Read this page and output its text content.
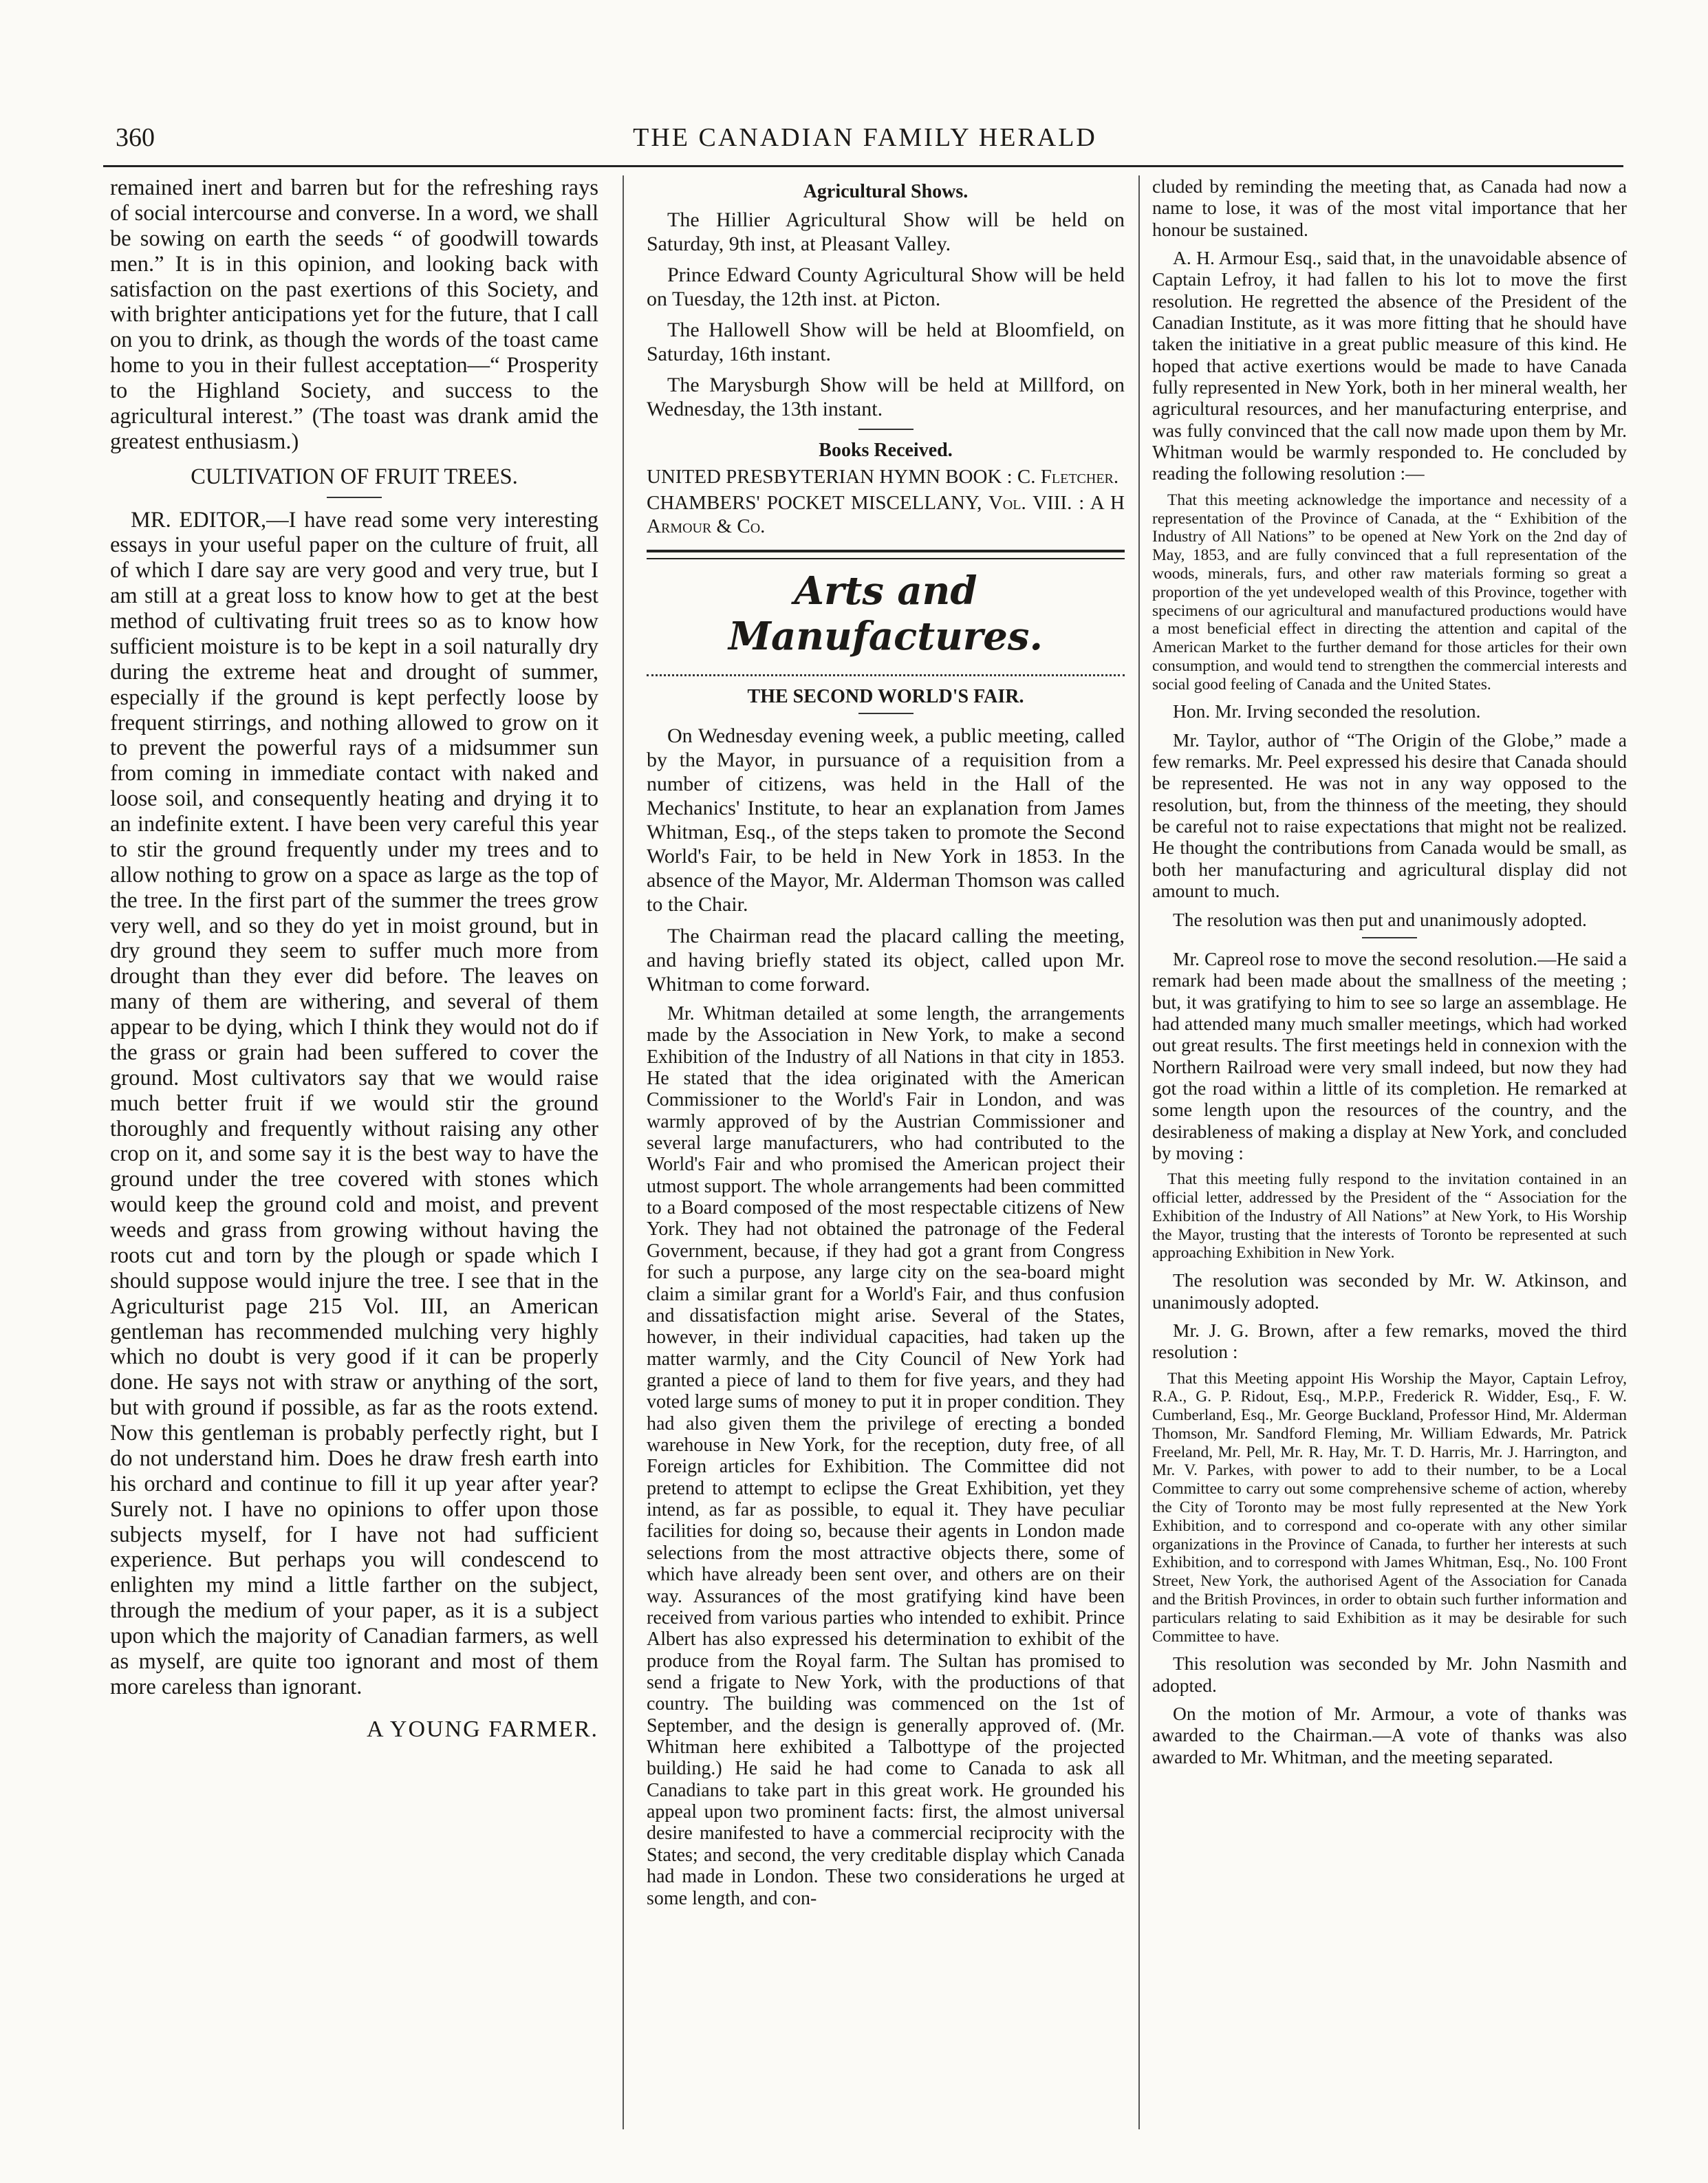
360	THE CANADIAN FAMILY HERALD

remained inert and barren but for the refreshing rays of social intercourse and converse. In a word, we shall be sowing on earth the seeds “ of goodwill towards men.” It is in this opinion, and looking back with satisfaction on the past exertions of this Society, and with brighter anticipations yet for the future, that I call on you to drink, as though the words of the toast came home to you in their fullest acceptation—“ Prosperity to the Highland Society, and success to the agricultural interest.” (The toast was drank amid the greatest enthusiasm.)

CULTIVATION OF FRUIT TREES.

MR. EDITOR,—I have read some very interesting essays in your useful paper on the culture of fruit, all of which I dare say are very good and very true, but I am still at a great loss to know how to get at the best method of cultivating fruit trees so as to know how sufficient moisture is to be kept in a soil naturally dry during the extreme heat and drought of summer, especially if the ground is kept perfectly loose by frequent stirrings, and nothing allowed to grow on it to prevent the powerful rays of a midsummer sun from coming in immediate contact with naked and loose soil, and consequently heating and drying it to an indefinite extent. I have been very careful this year to stir the ground frequently under my trees and to allow nothing to grow on a space as large as the top of the tree. In the first part of the summer the trees grow very well, and so they do yet in moist ground, but in dry ground they seem to suffer much more from drought than they ever did before. The leaves on many of them are withering, and several of them appear to be dying, which I think they would not do if the grass or grain had been suffered to cover the ground. Most cultivators say that we would raise much better fruit if we would stir the ground thoroughly and frequently without raising any other crop on it, and some say it is the best way to have the ground under the tree covered with stones which would keep the ground cold and moist, and prevent weeds and grass from growing without having the roots cut and torn by the plough or spade which I should suppose would injure the tree. I see that in the Agriculturist page 215 Vol. III, an American gentleman has recommended mulching very highly which no doubt is very good if it can be properly done. He says not with straw or anything of the sort, but with ground if possible, as far as the roots extend. Now this gentleman is probably perfectly right, but I do not understand him. Does he draw fresh earth into his orchard and continue to fill it up year after year? Surely not. I have no opinions to offer upon those subjects myself, for I have not had sufficient experience. But perhaps you will condescend to enlighten my mind a little farther on the subject, through the medium of your paper, as it is a subject upon which the majority of Canadian farmers, as well as myself, are quite too ignorant and most of them more careless than ignorant.

A YOUNG FARMER.
Agricultural Shows.

The Hillier Agricultural Show will be held on Saturday, 9th inst, at Pleasant Valley.

Prince Edward County Agricultural Show will be held on Tuesday, the 12th inst. at Picton.

The Hallowell Show will be held at Bloomfield, on Saturday, 16th instant.

The Marysburgh Show will be held at Millford, on Wednesday, the 13th instant.

Books Received.

UNITED PRESBYTERIAN HYMN BOOK : C. Fletcher.

CHAMBERS' POCKET MISCELLANY, Vol. VIII. : A H Armour & Co.

Arts and Manufactures.
THE SECOND WORLD'S FAIR.

On Wednesday evening week, a public meeting, called by the Mayor, in pursuance of a requisition from a number of citizens, was held in the Hall of the Mechanics' Institute, to hear an explanation from James Whitman, Esq., of the steps taken to promote the Second World's Fair, to be held in New York in 1853. In the absence of the Mayor, Mr. Alderman Thomson was called to the Chair.

The Chairman read the placard calling the meeting, and having briefly stated its object, called upon Mr. Whitman to come forward.

Mr. Whitman detailed at some length, the arrangements made by the Association in New York, to make a second Exhibition of the Industry of all Nations in that city in 1853. He stated that the idea originated with the American Commissioner to the World's Fair in London, and was warmly approved of by the Austrian Commissioner and several large manufacturers, who had contributed to the World's Fair and who promised the American project their utmost support. The whole arrangements had been committed to a Board composed of the most respectable citizens of New York. They had not obtained the patronage of the Federal Government, because, if they had got a grant from Congress for such a purpose, any large city on the sea-board might claim a similar grant for a World's Fair, and thus confusion and dissatisfaction might arise. Several of the States, however, in their individual capacities, had taken up the matter warmly, and the City Council of New York had granted a piece of land to them for five years, and they had voted large sums of money to put it in proper condition. They had also given them the privilege of erecting a bonded warehouse in New York, for the reception, duty free, of all Foreign articles for Exhibition. The Committee did not pretend to attempt to eclipse the Great Exhibition, yet they intend, as far as possible, to equal it. They have peculiar facilities for doing so, because their agents in London made selections from the most attractive objects there, some of which have already been sent over, and others are on their way. Assurances of the most gratifying kind have been received from various parties who intended to exhibit. Prince Albert has also expressed his determination to exhibit of the produce from the Royal farm. The Sultan has promised to send a frigate to New York, with the productions of that country. The building was commenced on the 1st of September, and the design is generally approved of. (Mr. Whitman here exhibited a Talbottype of the projected building.) He said he had come to Canada to ask all Canadians to take part in this great work. He grounded his appeal upon two prominent facts: first, the almost universal desire manifested to have a commercial reciprocity with the States; and second, the very creditable display which Canada had made in London. These two considerations he urged at some length, and con-

cluded by reminding the meeting that, as Canada had now a name to lose, it was of the most vital importance that her honour be sustained.

A. H. Armour Esq., said that, in the unavoidable absence of Captain Lefroy, it had fallen to his lot to move the first resolution. He regretted the absence of the President of the Canadian Institute, as it was more fitting that he should have taken the initiative in a great public measure of this kind. He hoped that active exertions would be made to have Canada fully represented in New York, both in her mineral wealth, her agricultural resources, and her manufacturing enterprise, and was fully convinced that the call now made upon them by Mr. Whitman would be warmly responded to. He concluded by reading the following resolution :—

That this meeting acknowledge the importance and necessity of a representation of the Province of Canada, at the “ Exhibition of the Industry of All Nations” to be opened at New York on the 2nd day of May, 1853, and are fully convinced that a full representation of the woods, minerals, furs, and other raw materials forming so great a proportion of the yet undeveloped wealth of this Province, together with specimens of our agricultural and manufactured productions would have a most beneficial effect in directing the attention and capital of the American Market to the further demand for those articles for their own consumption, and would tend to strengthen the commercial interests and social good feeling of Canada and the United States.

Hon. Mr. Irving seconded the resolution.

Mr. Taylor, author of “The Origin of the Globe,” made a few remarks. Mr. Peel expressed his desire that Canada should be represented. He was not in any way opposed to the resolution, but, from the thinness of the meeting, they should be careful not to raise expectations that might not be realized. He thought the contributions from Canada would be small, as both her manufacturing and agricultural display did not amount to much.

The resolution was then put and unanimously adopted.

Mr. Capreol rose to move the second resolution.—He said a remark had been made about the smallness of the meeting ; but, it was gratifying to him to see so large an assemblage. He had attended many much smaller meetings, which had worked out great results. The first meetings held in connexion with the Northern Railroad were very small indeed, but now they had got the road within a little of its completion. He remarked at some length upon the resources of the country, and the desirableness of making a display at New York, and concluded by moving :

That this meeting fully respond to the invitation contained in an official letter, addressed by the President of the “ Association for the Exhibition of the Industry of All Nations” at New York, to His Worship the Mayor, trusting that the interests of Toronto be represented at such approaching Exhibition in New York.

The resolution was seconded by Mr. W. Atkinson, and unanimously adopted.

Mr. J. G. Brown, after a few remarks, moved the third resolution :

That this Meeting appoint His Worship the Mayor, Captain Lefroy, R.A., G. P. Ridout, Esq., M.P.P., Frederick R. Widder, Esq., F. W. Cumberland, Esq., Mr. George Buckland, Professor Hind, Mr. Alderman Thomson, Mr. Sandford Fleming, Mr. William Edwards, Mr. Patrick Freeland, Mr. Pell, Mr. R. Hay, Mr. T. D. Harris, Mr. J. Harrington, and Mr. V. Parkes, with power to add to their number, to be a Local Committee to carry out some comprehensive scheme of action, whereby the City of Toronto may be most fully represented at the New York Exhibition, and to correspond and co-operate with any other similar organizations in the Province of Canada, to further her interests at such Exhibition, and to correspond with James Whitman, Esq., No. 100 Front Street, New York, the authorised Agent of the Association for Canada and the British Provinces, in order to obtain such further information and particulars relating to said Exhibition as it may be desirable for such Committee to have.

This resolution was seconded by Mr. John Nasmith and adopted.

On the motion of Mr. Armour, a vote of thanks was awarded to the Chairman.—A vote of thanks was also awarded to Mr. Whitman, and the meeting separated.
